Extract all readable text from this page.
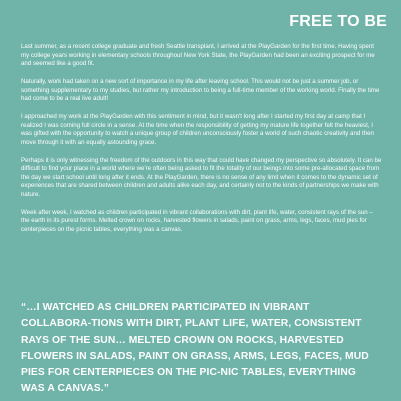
FREE TO BE

Last summer, as a recent college graduate and fresh Seattle transplant, I arrived at the PlayGarden for the first time. Having spent my college years working in elementary schools throughout New York State, the PlayGarden had been an exciting prospect for me and seemed like a good fit.

Naturally, work had taken on a new sort of importance in my life after leaving school. This would not be just a summer job, or something supplementary to my studies, but rather my introduction to being a full-time member of the working world. Finally the time had come to be a real live adult!

I approached my work at the PlayGarden with this sentiment in mind, but it wasn't long after I started my first day at camp that I realized I was coming full circle in a sense. At the time when the responsibility of getting my mature life together felt the heaviest, I was gifted with the opportunity to watch a unique group of children unconsciously foster a world of such chaotic creativity and then move through it with an equally astounding grace.

Perhaps it is only witnessing the freedom of the outdoors in this way that could have changed my perspective so absolutely. It can be difficult to find your place in a world where we're often being asked to fit the totality of our beings into some pre-allocated space from the day we start school until long after it ends. At the PlayGarden, there is no sense of any limit when it comes to the dynamic set of experiences that are shared between children and adults alike each day, and certainly not to the kinds of partnerships we make with nature.

Week after week, I watched as children participated in vibrant collaborations with dirt, plant life, water, consistent rays of the sun – the earth in its purest forms. Melted crown on rocks, harvested flowers in salads, paint on grass, arms, legs, faces, mud pies for centerpieces on the picnic tables, everything was a canvas.

“…I WATCHED AS CHILDREN PARTICIPATED IN VIBRANT COLLABORA-TIONS WITH DIRT, PLANT LIFE, WATER, CONSISTENT RAYS OF THE SUN… MELTED CROWN ON ROCKS, HARVESTED FLOWERS IN SALADS, PAINT ON GRASS, ARMS, LEGS, FACES, MUD PIES FOR CENTERPIECES ON THE PIC-NIC TABLES, EVERYTHING WAS A CANVAS.”
